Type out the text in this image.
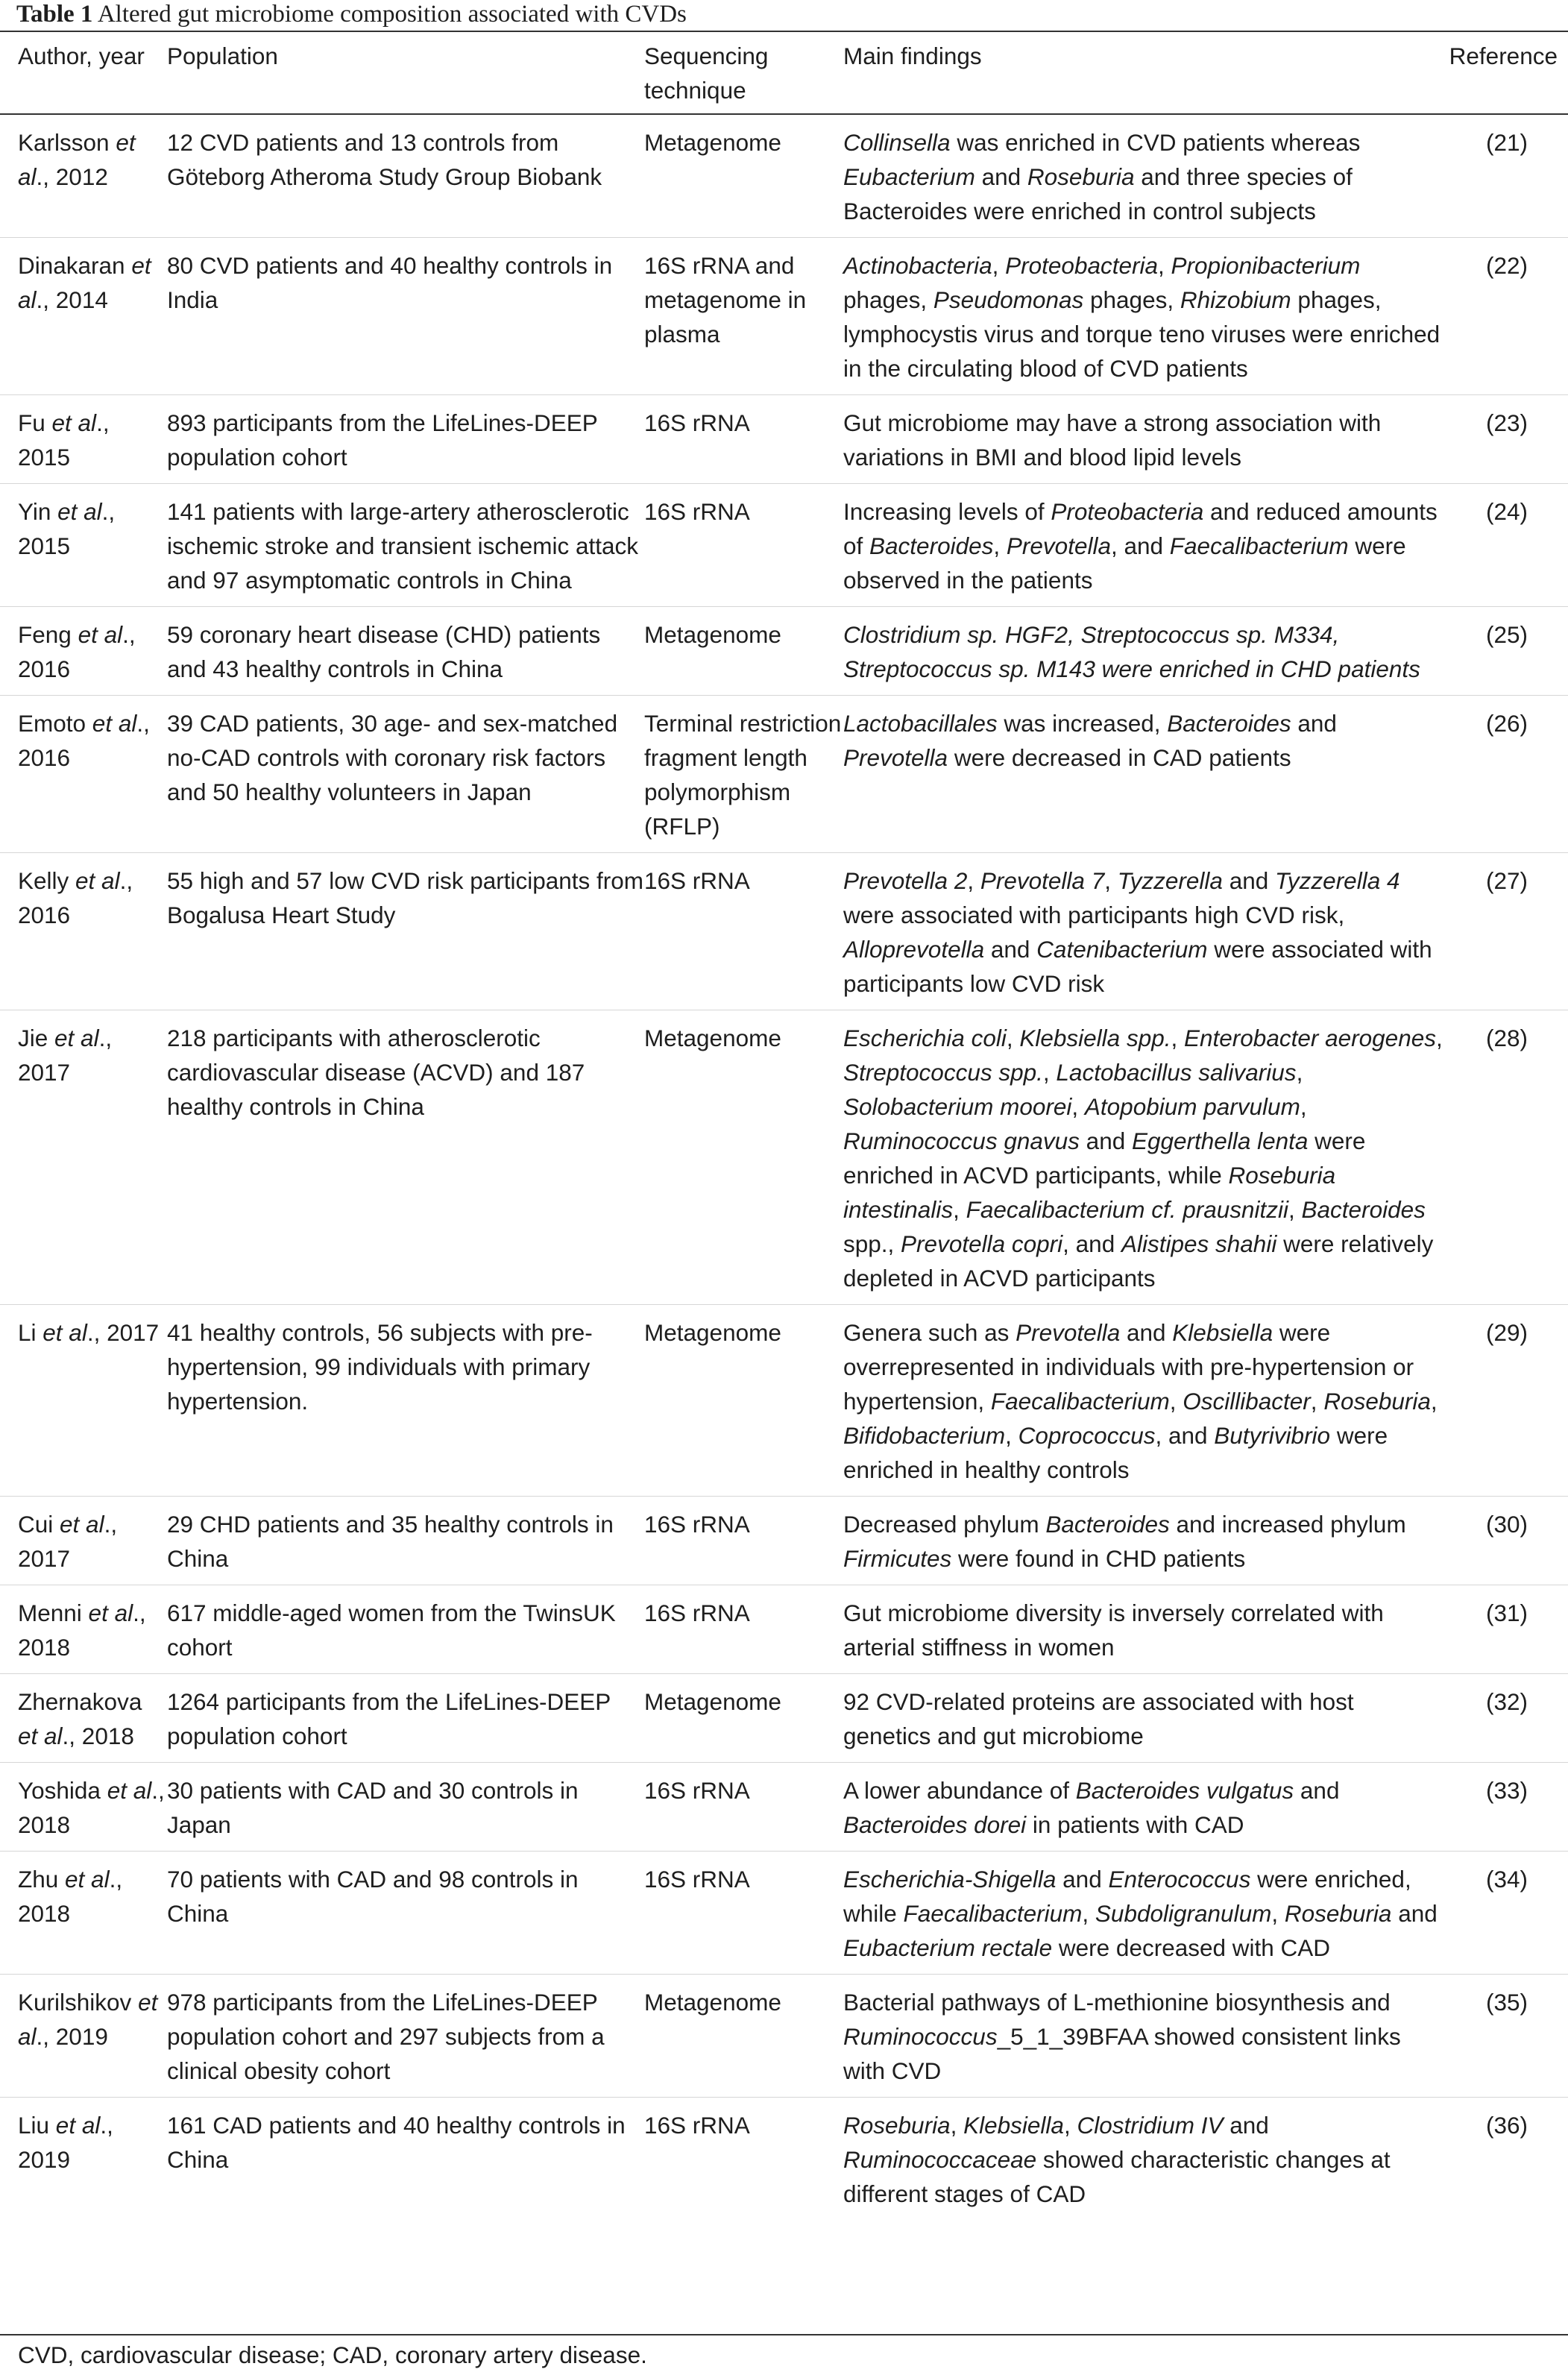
Table 1 Altered gut microbiome composition associated with CVDs
Author, year	Population	Sequencing technique	Main findings	Reference
Karlsson et al., 2012	12 CVD patients and 13 controls from Göteborg Atheroma Study Group Biobank	Metagenome	Collinsella was enriched in CVD patients whereas Eubacterium and Roseburia and three species of Bacteroides were enriched in control subjects	(21)
Dinakaran et al., 2014	80 CVD patients and 40 healthy controls in India	16S rRNA and metagenome in plasma	Actinobacteria, Proteobacteria, Propionibacterium phages, Pseudomonas phages, Rhizobium phages, lymphocystis virus and torque teno viruses were enriched in the circulating blood of CVD patients	(22)
Fu et al., 2015	893 participants from the LifeLines-DEEP population cohort	16S rRNA	Gut microbiome may have a strong association with variations in BMI and blood lipid levels	(23)
Yin et al., 2015	141 patients with large-artery atherosclerotic ischemic stroke and transient ischemic attack and 97 asymptomatic controls in China	16S rRNA	Increasing levels of Proteobacteria and reduced amounts of Bacteroides, Prevotella, and Faecalibacterium were observed in the patients	(24)
Feng et al., 2016	59 coronary heart disease (CHD) patients and 43 healthy controls in China	Metagenome	Clostridium sp. HGF2, Streptococcus sp. M334, Streptococcus sp. M143 were enriched in CHD patients	(25)
Emoto et al., 2016	39 CAD patients, 30 age- and sex-matched no-CAD controls with coronary risk factors and 50 healthy volunteers in Japan	Terminal restriction fragment length polymorphism (RFLP)	Lactobacillales was increased, Bacteroides and Prevotella were decreased in CAD patients	(26)
Kelly et al., 2016	55 high and 57 low CVD risk participants from Bogalusa Heart Study	16S rRNA	Prevotella 2, Prevotella 7, Tyzzerella and Tyzzerella 4 were associated with participants high CVD risk, Alloprevotella and Catenibacterium were associated with participants low CVD risk	(27)
Jie et al., 2017	218 participants with atherosclerotic cardiovascular disease (ACVD) and 187 healthy controls in China	Metagenome	Escherichia coli, Klebsiella spp., Enterobacter aerogenes, Streptococcus spp., Lactobacillus salivarius, Solobacterium moorei, Atopobium parvulum, Ruminococcus gnavus and Eggerthella lenta were enriched in ACVD participants, while Roseburia intestinalis, Faecalibacterium cf. prausnitzii, Bacteroides spp., Prevotella copri, and Alistipes shahii were relatively depleted in ACVD participants	(28)
Li et al., 2017	41 healthy controls, 56 subjects with pre-hypertension, 99 individuals with primary hypertension.	Metagenome	Genera such as Prevotella and Klebsiella were overrepresented in individuals with pre-hypertension or hypertension, Faecalibacterium, Oscillibacter, Roseburia, Bifidobacterium, Coprococcus, and Butyrivibrio were enriched in healthy controls	(29)
Cui et al., 2017	29 CHD patients and 35 healthy controls in China	16S rRNA	Decreased phylum Bacteroides and increased phylum Firmicutes were found in CHD patients	(30)
Menni et al., 2018	617 middle-aged women from the TwinsUK cohort	16S rRNA	Gut microbiome diversity is inversely correlated with arterial stiffness in women	(31)
Zhernakova et al., 2018	1264 participants from the LifeLines-DEEP population cohort	Metagenome	92 CVD-related proteins are associated with host genetics and gut microbiome	(32)
Yoshida et al., 2018	30 patients with CAD and 30 controls in Japan	16S rRNA	A lower abundance of Bacteroides vulgatus and Bacteroides dorei in patients with CAD	(33)
Zhu et al., 2018	70 patients with CAD and 98 controls in China	16S rRNA	Escherichia-Shigella and Enterococcus were enriched, while Faecalibacterium, Subdoligranulum, Roseburia and Eubacterium rectale were decreased with CAD	(34)
Kurilshikov et al., 2019	978 participants from the LifeLines-DEEP population cohort and 297 subjects from a clinical obesity cohort	Metagenome	Bacterial pathways of L-methionine biosynthesis and Ruminococcus_5_1_39BFAA showed consistent links with CVD	(35)
Liu et al., 2019	161 CAD patients and 40 healthy controls in China	16S rRNA	Roseburia, Klebsiella, Clostridium IV and Ruminococcaceae showed characteristic changes at different stages of CAD	(36)
CVD, cardiovascular disease; CAD, coronary artery disease.
